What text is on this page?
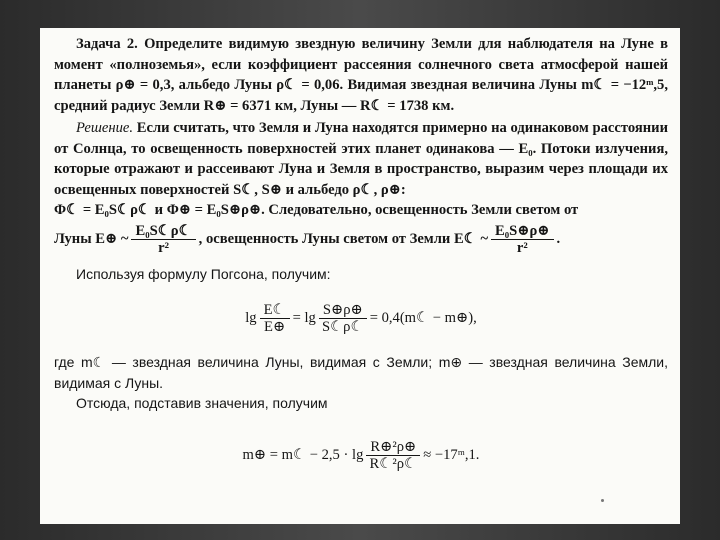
Задача 2. Определите видимую звездную величину Земли для наблюдателя на Луне в момент «полноземья», если коэффициент рассеяния солнечного света атмосферой нашей планеты ρ⊕ = 0,3, альбедо Луны ρ☾ = 0,06. Видимая звездная величина Луны m☾ = −12ᵐ,5, средний радиус Земли R⊕ = 6371 км, Луны — R☾ = 1738 км.

Решение. Если считать, что Земля и Луна находятся примерно на одинаковом расстоянии от Солнца, то освещенность поверхностей этих планет одинакова — E₀. Потоки излучения, которые отражают и рассеивают Луна и Земля в пространство, выразим через площади их освещенных поверхностей S☾, S⊕ и альбедо ρ☾, ρ⊕:

Φ☾ = E₀S☾ρ☾ и Φ⊕ = E₀S⊕ρ⊕. Следовательно, освещенность Земли светом от

Луны E⊕ ~ $\frac{\text{E₀S☾ρ☾}}{\text{r²}}$ , освещенность Луны светом от Земли E☾ ~ $\frac{\text{E₀S⊕ρ⊕}}{\text{r²}}$ .

Используя формулу Погсона, получим:

$\lg \frac{E☾}{E\oplus} = \lg \frac{S\oplus\rho\oplus}{S☾\rho☾}$ = 0,4(m☾ − m⊕),

где m☾ — звездная величина Луны, видимая с Земли; m⊕ — звездная величина Земли, видимая с Луны.

Отсюда, подставив значения, получим

m⊕ = m☾ − $2,5 \cdot \lg \frac{\text{R⊕²ρ⊕}}{\text{R☾²ρ☾}}$ ≈ −17ᵐ,1.
